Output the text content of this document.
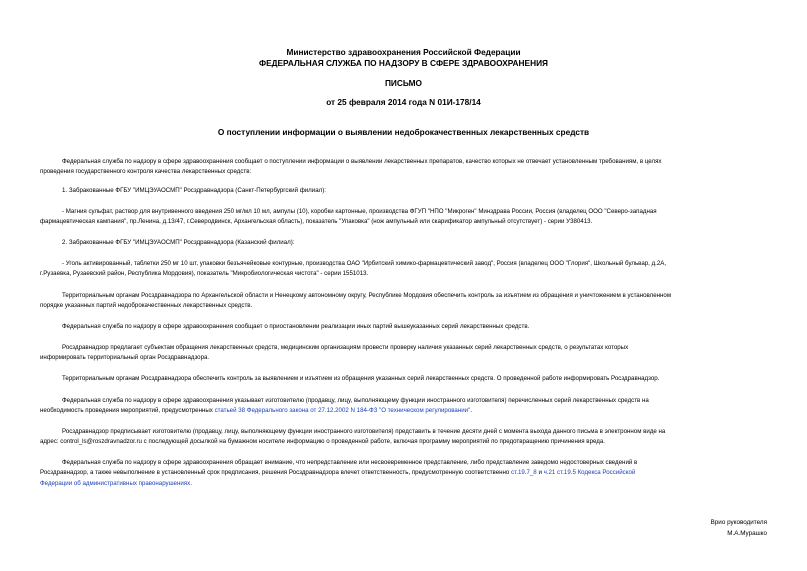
Министерство здравоохранения Российской Федерации
ФЕДЕРАЛЬНАЯ СЛУЖБА ПО НАДЗОРУ В СФЕРЕ ЗДРАВООХРАНЕНИЯ
ПИСЬМО
от 25 февраля 2014 года N 01И-178/14
О поступлении информации о выявлении недоброкачественных лекарственных средств
Федеральная служба по надзору в сфере здравоохранения сообщает о поступлении информации о выявлении лекарственных препаратов, качество которых не отвечает установленным требованиям, в целях
проведения государственного контроля качества лекарственных средств:
1. Забракованные ФГБУ "ИМЦЭУАОСМП" Росздравнадзора (Санкт-Петербургский филиал):
- Магния сульфат, раствор для внутривенного введения 250 мг/мл 10 мл, ампулы (10), коробки картонные, производства ФГУП "НПО "Микроген" Минздрава России, Россия (владелец ООО "Северо-западная
фармацевтическая кампания", пр.Ленина, д.13/47, г.Северодвинск, Архангельская область), показатель "Упаковка" (нож ампульный или скарификатор ампульный отсутствует) - серии У380413.
2. Забракованные ФГБУ "ИМЦЭУАОСМП" Росздравнадзора (Казанский филиал):
- Уголь активированный, таблетки 250 мг 10 шт, упаковки безъячейковые контурные, производства ОАО "Ирбитский химико-фармацевтический завод", Россия (владелец ООО "Глория", Школьный бульвар, д.2А,
г.Рузаевка, Рузаевский район, Республика Мордовия), показатель "Микробиологическая чистота" - серии 1551013.
Территориальным органам Росздравнадзора по Архангельской области и Ненецкому автономному округу, Республике Мордовия обеспечить контроль за изъятием из обращения и уничтожением в установленном
порядке указанных партий недоброкачественных лекарственных средств.
Федеральная служба по надзору в сфере здравоохранения сообщает о приостановлении реализации иных партий вышеуказанных серий лекарственных средств.
Росздравнадзор предлагает субъектам обращения лекарственных средств, медицинским организациям провести проверку наличия указанных серий лекарственных средств, о результатах которых
информировать территориальный орган Росздравнадзора.
Территориальным органам Росздравнадзора обеспечить контроль за выявлением и изъятием из обращения указанных серий лекарственных средств. О проведенной работе информировать Росздравнадзор.
Федеральная служба по надзору в сфере здравоохранения указывает изготовителю (продавцу, лицу, выполняющему функции иностранного изготовителя) перечисленных серий лекарственных средств на
необходимость проведения мероприятий, предусмотренных статьей 38 Федерального закона от 27.12.2002 N 184-ФЗ "О техническом регулировании".
Росздравнадзор предписывает изготовителю (продавцу, лицу, выполняющему функции иностранного изготовителя) представить в течение десяти дней с момента выхода данного письма в электронном виде на
адрес: control_ls@roszdravnadzor.ru с последующей досылкой на бумажном носителе информацию о проведенной работе, включая программу мероприятий по предотвращению причинения вреда.
Федеральная служба по надзору в сфере здравоохранения обращает внимание, что непредставление или несвоевременное представление, либо представление заведомо недостоверных сведений в
Росздравнадзор, а также невыполнение в установленный срок предписания, решения Росздравнадзора влечет ответственность, предусмотренную соответственно ст.19.7_8 и ч.21 ст.19.5 Кодекса Российской
Федерации об административных правонарушениях.
Врио руководителя
М.А.Мурашко
